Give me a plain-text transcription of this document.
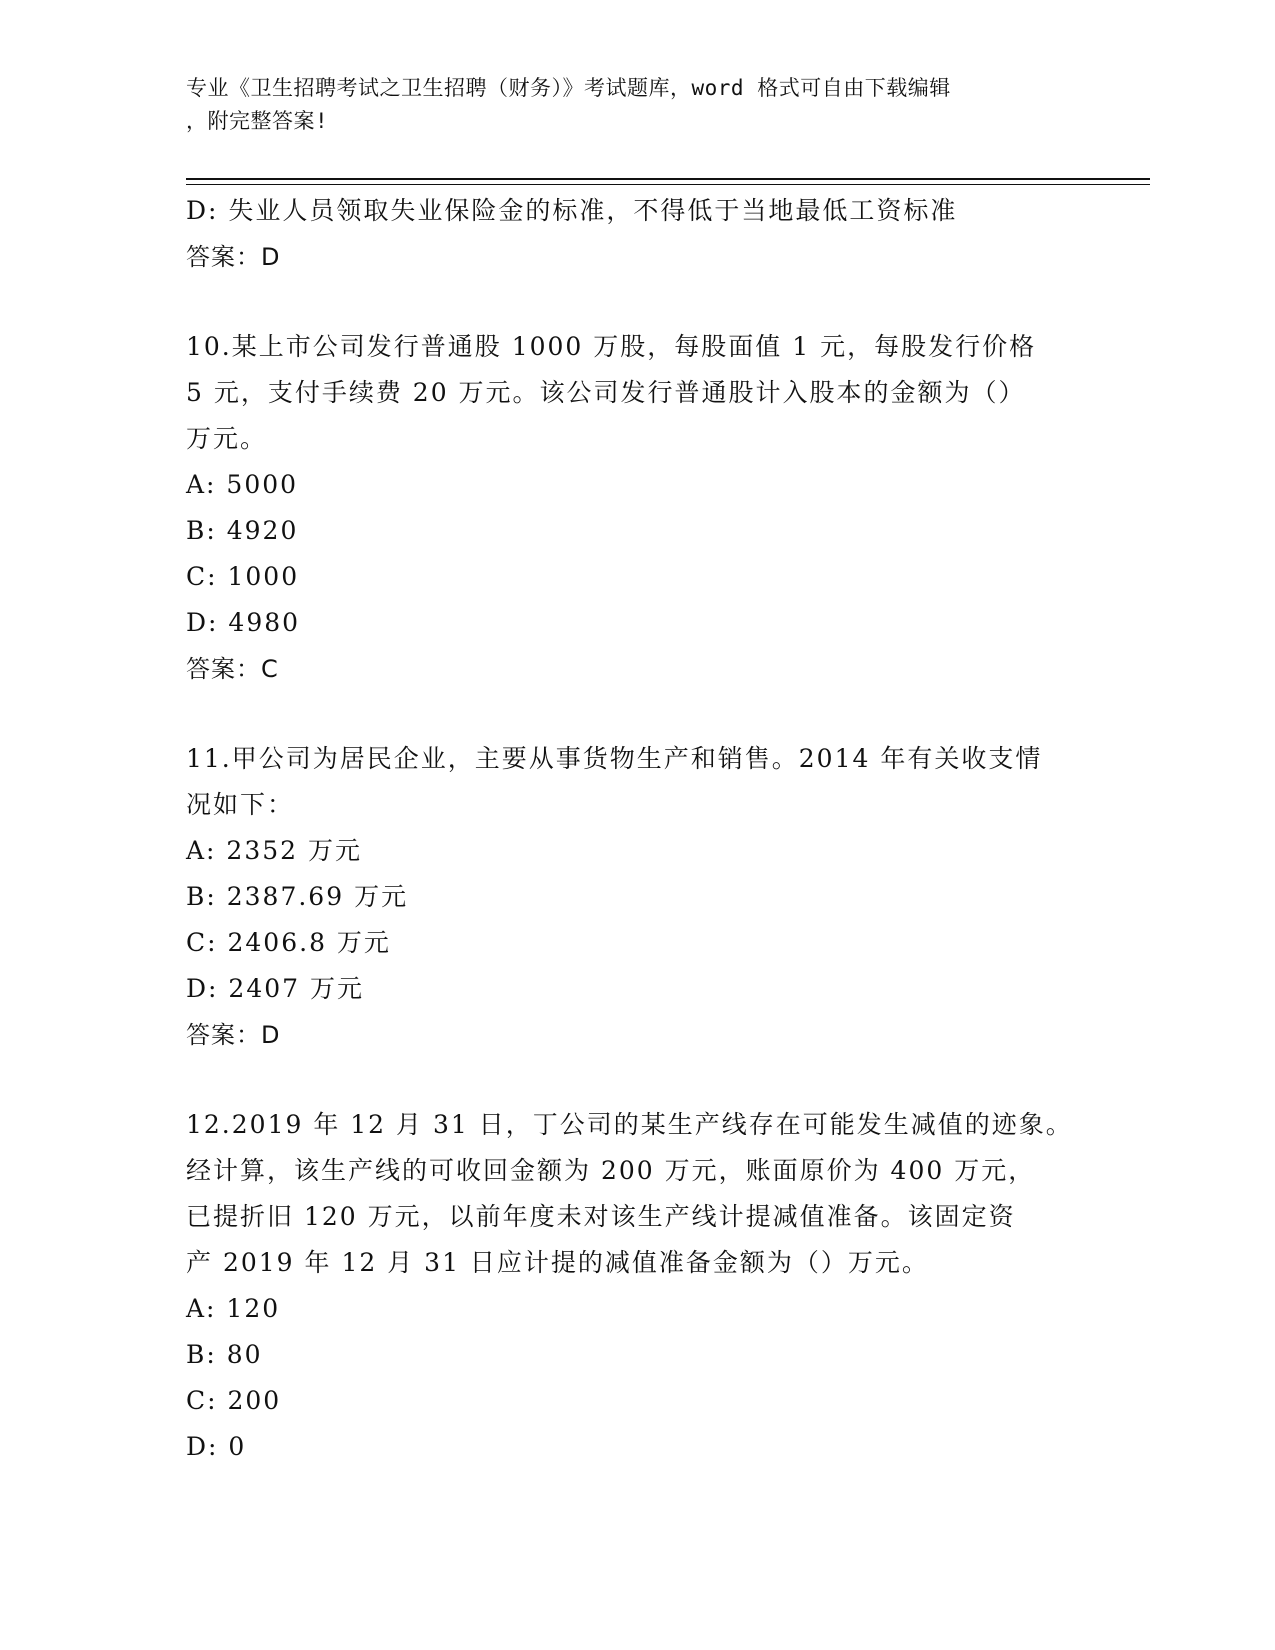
专业《卫生招聘考试之卫生招聘（财务）》考试题库，word 格式可自由下载编辑
，附完整答案!
D: 失业人员领取失业保险金的标准，不得低于当地最低工资标准
答案：D
10.某上市公司发行普通股 1000 万股，每股面值 1 元，每股发行价格
5 元，支付手续费 20 万元。该公司发行普通股计入股本的金额为（）
万元。
A: 5000
B: 4920
C: 1000
D: 4980
答案：C
11.甲公司为居民企业，主要从事货物生产和销售。2014 年有关收支情
况如下：
A: 2352 万元
B: 2387.69 万元
C: 2406.8 万元
D: 2407 万元
答案：D
12.2019 年 12 月 31 日，丁公司的某生产线存在可能发生减值的迹象。
经计算，该生产线的可收回金额为 200 万元，账面原价为 400 万元，
已提折旧 120 万元，以前年度未对该生产线计提减值准备。该固定资
产 2019 年 12 月 31 日应计提的减值准备金额为（）万元。
A: 120
B: 80
C: 200
D: 0
